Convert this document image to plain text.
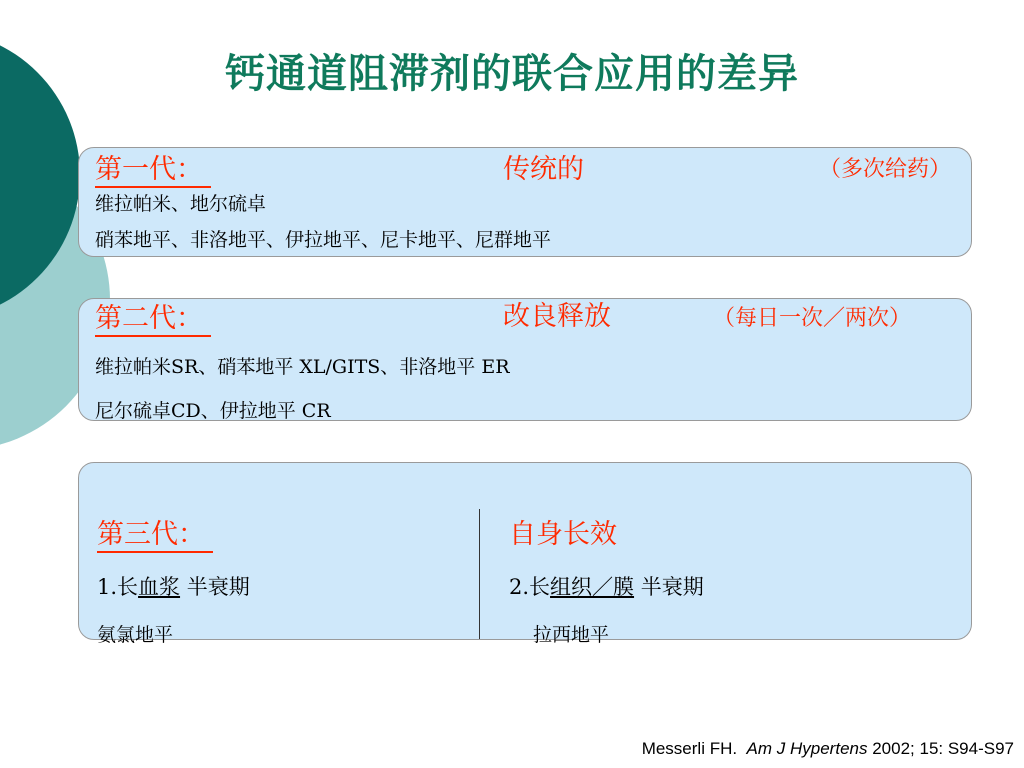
钙通道阻滞剂的联合应用的差异
第一代：	传统的	（多次给药）
维拉帕米、地尔硫卓
硝苯地平、非洛地平、伊拉地平、尼卡地平、尼群地平
第二代：	改良释放	（每日一次／两次）
维拉帕米SR、硝苯地平 XL/GITS、非洛地平 ER
尼尔硫卓CD、伊拉地平 CR
第三代：	自身长效
1.长血浆 半衰期
氨氯地平
2.长组织／膜 半衰期
拉西地平
Messerli FH. Am J Hypertens 2002; 15: S94-S97
